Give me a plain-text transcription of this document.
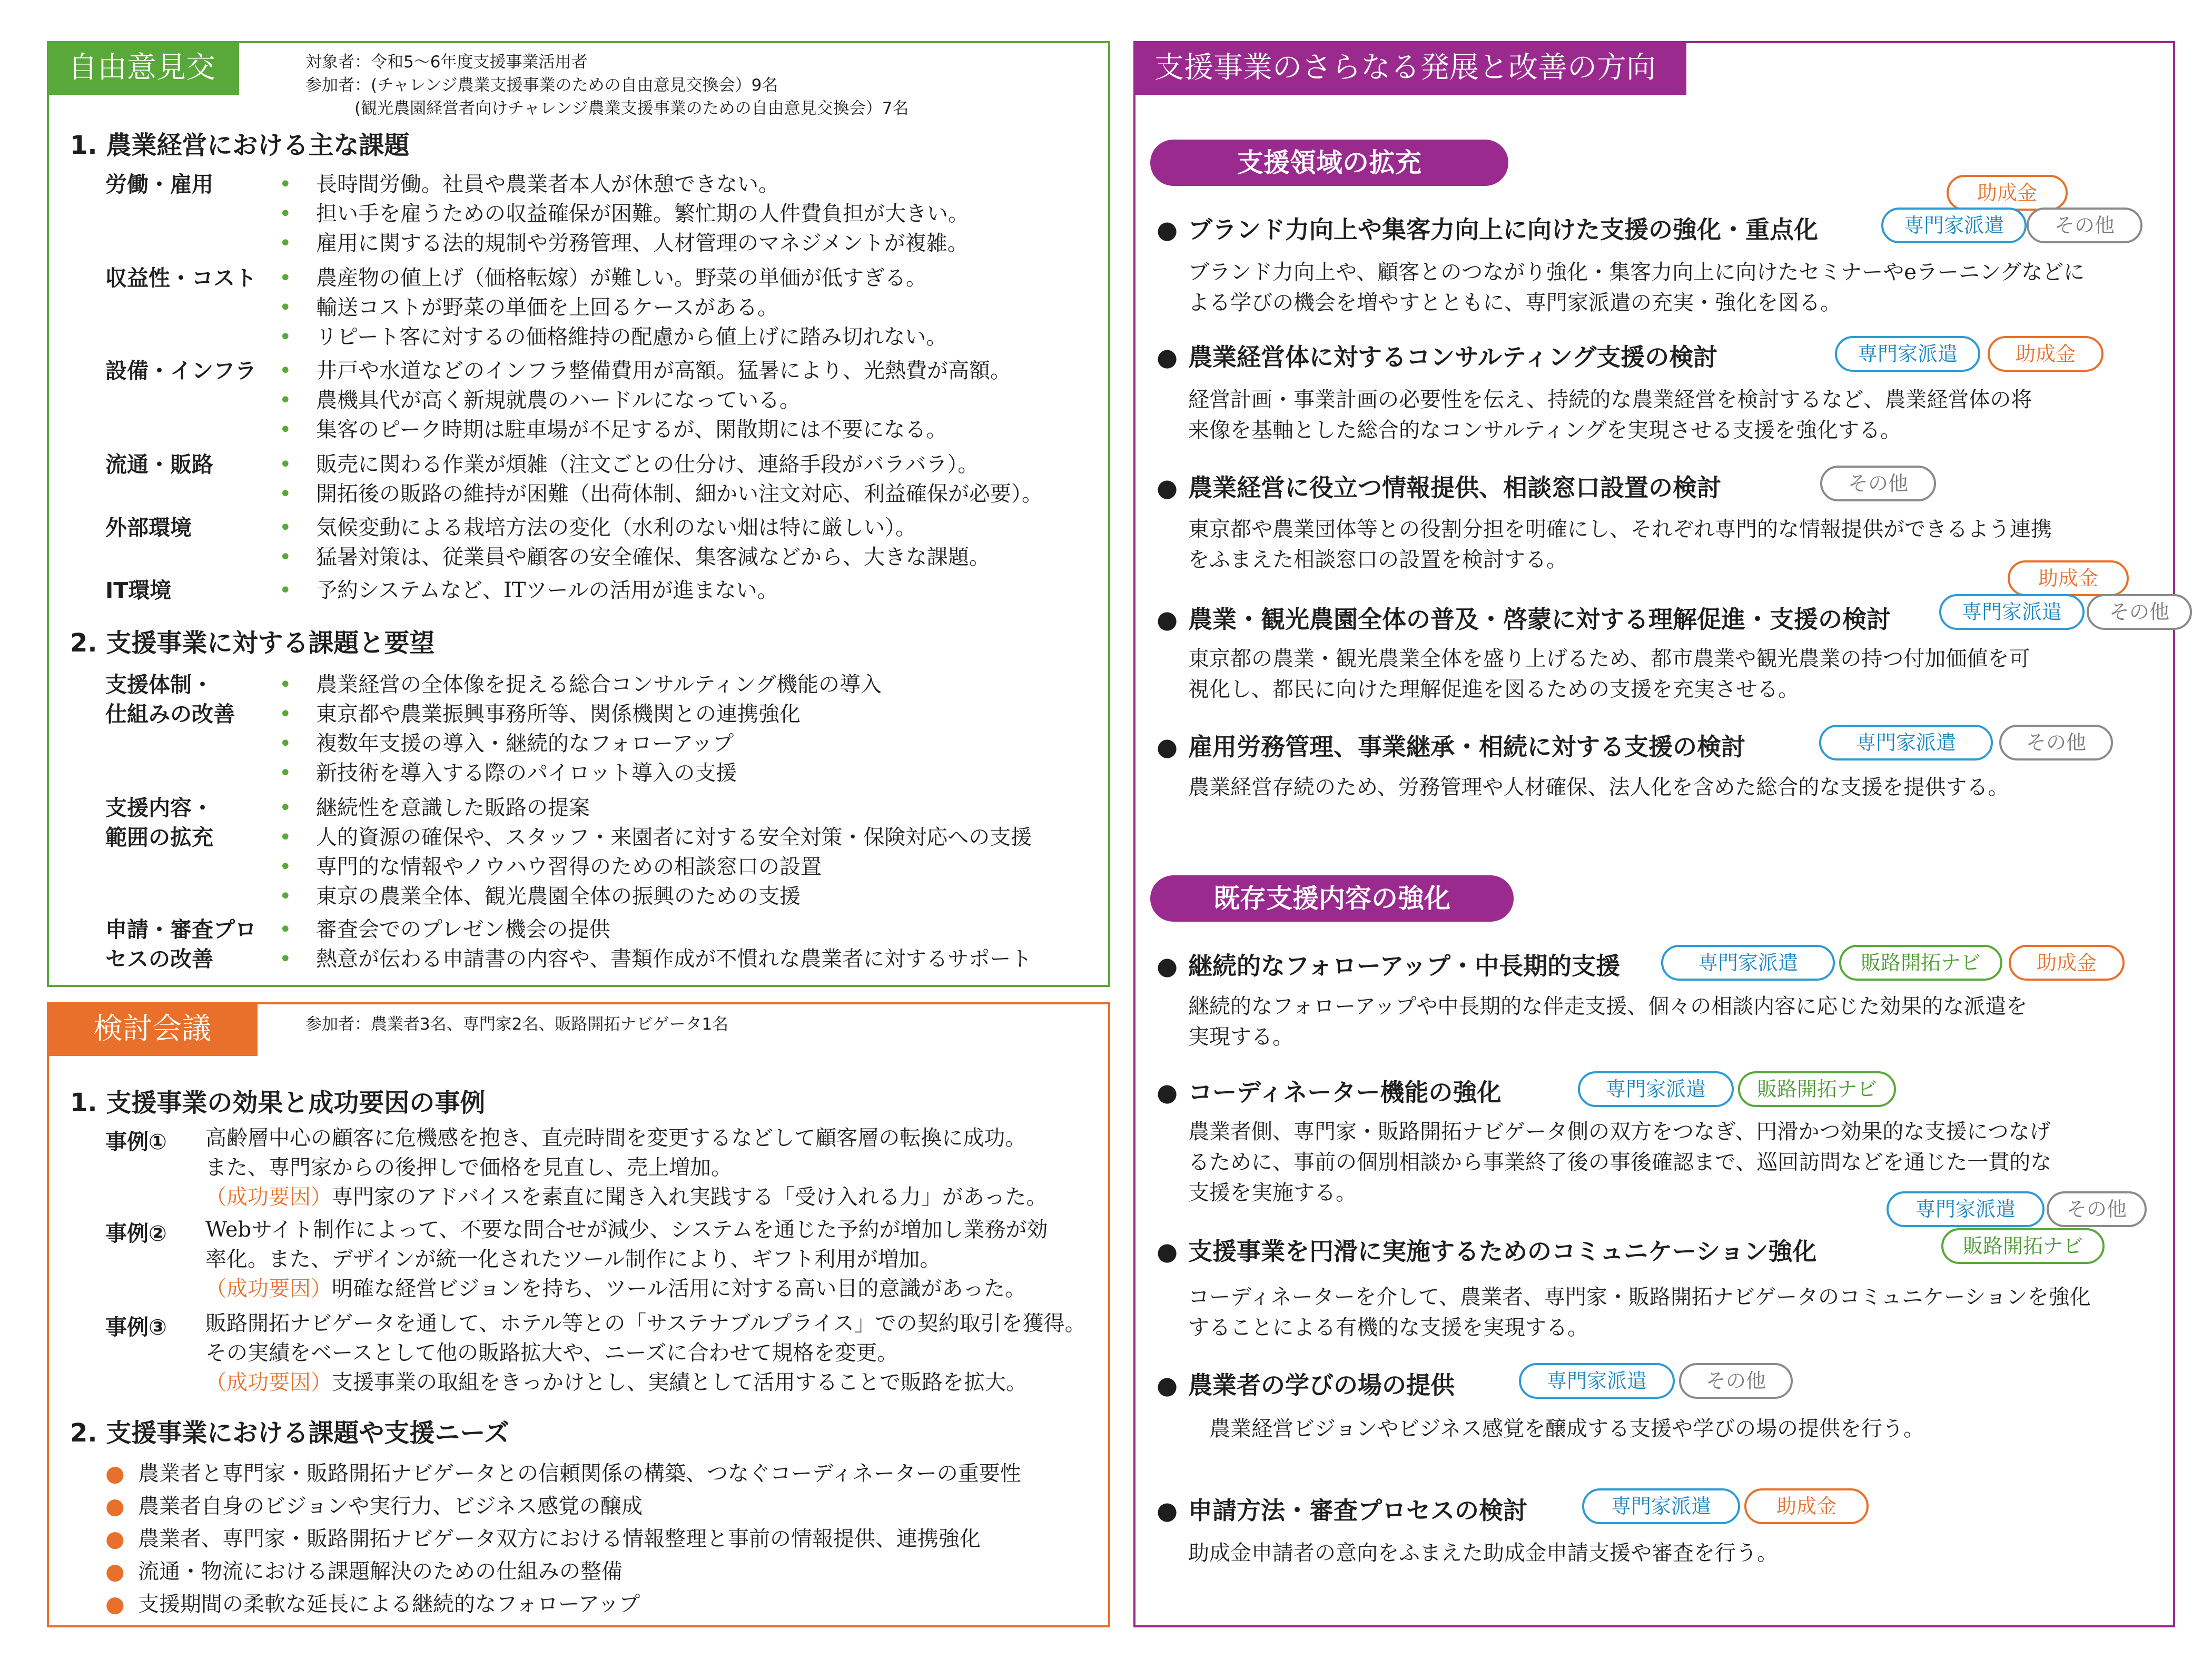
自由意見交換会
対象者：令和5～6年度支援事業活用者
参加者：(チャレンジ農業支援事業のための自由意見交換会）9名
　　　(観光農園経営者向けチャレンジ農業支援事業のための自由意見交換会）7名
1. 農業経営における主な課題
労働・雇用	• 長時間労働。社員や農業者本人が休憩できない。
• 担い手を雇うための収益確保が困難。繁忙期の人件費負担が大きい。
• 雇用に関する法的規制や労務管理、人材管理のマネジメントが複雑。
収益性・コスト • 農産物の値上げ（価格転嫁）が難しい。野菜の単価が低すぎる。
• 輸送コストが野菜の単価を上回るケースがある。
• リピート客に対するの価格維持の配慮から値上げに踏み切れない。
設備・インフラ • 井戸や水道などのインフラ整備費用が高額。猛暑により、光熱費が高額。
• 農機具代が高く新規就農のハードルになっている。
• 集客のピーク時期は駐車場が不足するが、閑散期には不要になる。
流通・販路	• 販売に関わる作業が煩雑（注文ごとの仕分け、連絡手段がバラバラ）。
• 開拓後の販路の維持が困難（出荷体制、細かい注文対応、利益確保が必要）。
外部環境	• 気候変動による栽培方法の変化（水利のない畑は特に厳しい）。
• 猛暑対策は、従業員や顧客の安全確保、集客減などから、大きな課題。
IT環境	• 予約システムなど、ITツールの活用が進まない。
2. 支援事業に対する課題と要望
支援体制・
仕組みの改善
• 農業経営の全体像を捉える総合コンサルティング機能の導入
• 東京都や農業振興事務所等、関係機関との連携強化
• 複数年支援の導入・継続的なフォローアップ
• 新技術を導入する際のパイロット導入の支援
支援内容・
範囲の拡充
• 継続性を意識した販路の提案
• 人的資源の確保や、スタッフ・来園者に対する安全対策・保険対応への支援
• 専門的な情報やノウハウ習得のための相談窓口の設置
• 東京の農業全体、観光農園全体の振興のための支援
申請・審査プロ
セスの改善
• 審査会でのプレゼン機会の提供
• 熱意が伝わる申請書の内容や、書類作成が不慣れな農業者に対するサポート
検討会議	参加者：農業者3名、専門家2名、販路開拓ナビゲータ1名
1. 支援事業の効果と成功要因の事例
事例① 高齢層中心の顧客に危機感を抱き、直売時間を変更するなどして顧客層の転換に成功。
また、専門家からの後押しで価格を見直し、売上増加。
（成功要因）専門家のアドバイスを素直に聞き入れ実践する「受け入れる力」があった。
事例② Webサイト制作によって、不要な問合せが減少、システムを通じた予約が増加し業務が効
率化。また、デザインが統一化されたツール制作により、ギフト利用が増加。
（成功要因）明確な経営ビジョンを持ち、ツール活用に対する高い目的意識があった。
事例③ 販路開拓ナビゲータを通して、ホテル等との「サステナブルプライス」での契約取引を獲得。
その実績をベースとして他の販路拡大や、ニーズに合わせて規格を変更。
（成功要因）支援事業の取組をきっかけとし、実績として活用することで販路を拡大。
2. 支援事業における課題や支援ニーズ
● 農業者と専門家・販路開拓ナビゲータとの信頼関係の構築、つなぐコーディネーターの重要性
● 農業者自身のビジョンや実行力、ビジネス感覚の醸成
● 農業者、専門家・販路開拓ナビゲータ双方における情報整理と事前の情報提供、連携強化
● 流通・物流における課題解決のための仕組みの整備
● 支援期間の柔軟な延長による継続的なフォローアップ
支援事業のさらなる発展と改善の方向性
支援領域の拡充
● ブランド力向上や集客力向上に向けた支援の強化・重点化
助成金
専門家派遣	その他
ブランド力向上や、顧客とのつながり強化・集客力向上に向けたセミナーやeラーニングなどに
よる学びの機会を増やすとともに、専門家派遣の充実・強化を図る。
● 農業経営体に対するコンサルティング支援の検討	専門家派遣	助成金
経営計画・事業計画の必要性を伝え、持続的な農業経営を検討するなど、農業経営体の将
来像を基軸とした総合的なコンサルティングを実現させる支援を強化する。
● 農業経営に役立つ情報提供、相談窓口設置の検討	その他
東京都や農業団体等との役割分担を明確にし、それぞれ専門的な情報提供ができるよう連携
をふまえた相談窓口の設置を検討する。
● 農業・観光農園全体の普及・啓蒙に対する理解促進・支援の検討
助成金
専門家派遣	その他
東京都の農業・観光農業全体を盛り上げるため、都市農業や観光農業の持つ付加価値を可
視化し、都民に向けた理解促進を図るための支援を充実させる。
● 雇用労務管理、事業継承・相続に対する支援の検討	専門家派遣	その他
農業経営存続のため、労務管理や人材確保、法人化を含めた総合的な支援を提供する。
既存支援内容の強化
● 継続的なフォローアップ・中長期的支援	専門家派遣	販路開拓ナビ	助成金
継続的なフォローアップや中長期的な伴走支援、個々の相談内容に応じた効果的な派遣を
実現する。
● コーディネーター機能の強化	専門家派遣	販路開拓ナビ
農業者側、専門家・販路開拓ナビゲータ側の双方をつなぎ、円滑かつ効果的な支援につなげ
るために、事前の個別相談から事業終了後の事後確認まで、巡回訪問などを通じた一貫的な
支援を実施する。
● 支援事業を円滑に実施するためのコミュニケーション強化
専門家派遣	その他
販路開拓ナビ
コーディネーターを介して、農業者、専門家・販路開拓ナビゲータのコミュニケーションを強化
することによる有機的な支援を実現する。
● 農業者の学びの場の提供	専門家派遣	その他
農業経営ビジョンやビジネス感覚を醸成する支援や学びの場の提供を行う。
● 申請方法・審査プロセスの検討	専門家派遣	助成金
助成金申請者の意向をふまえた助成金申請支援や審査を行う。
